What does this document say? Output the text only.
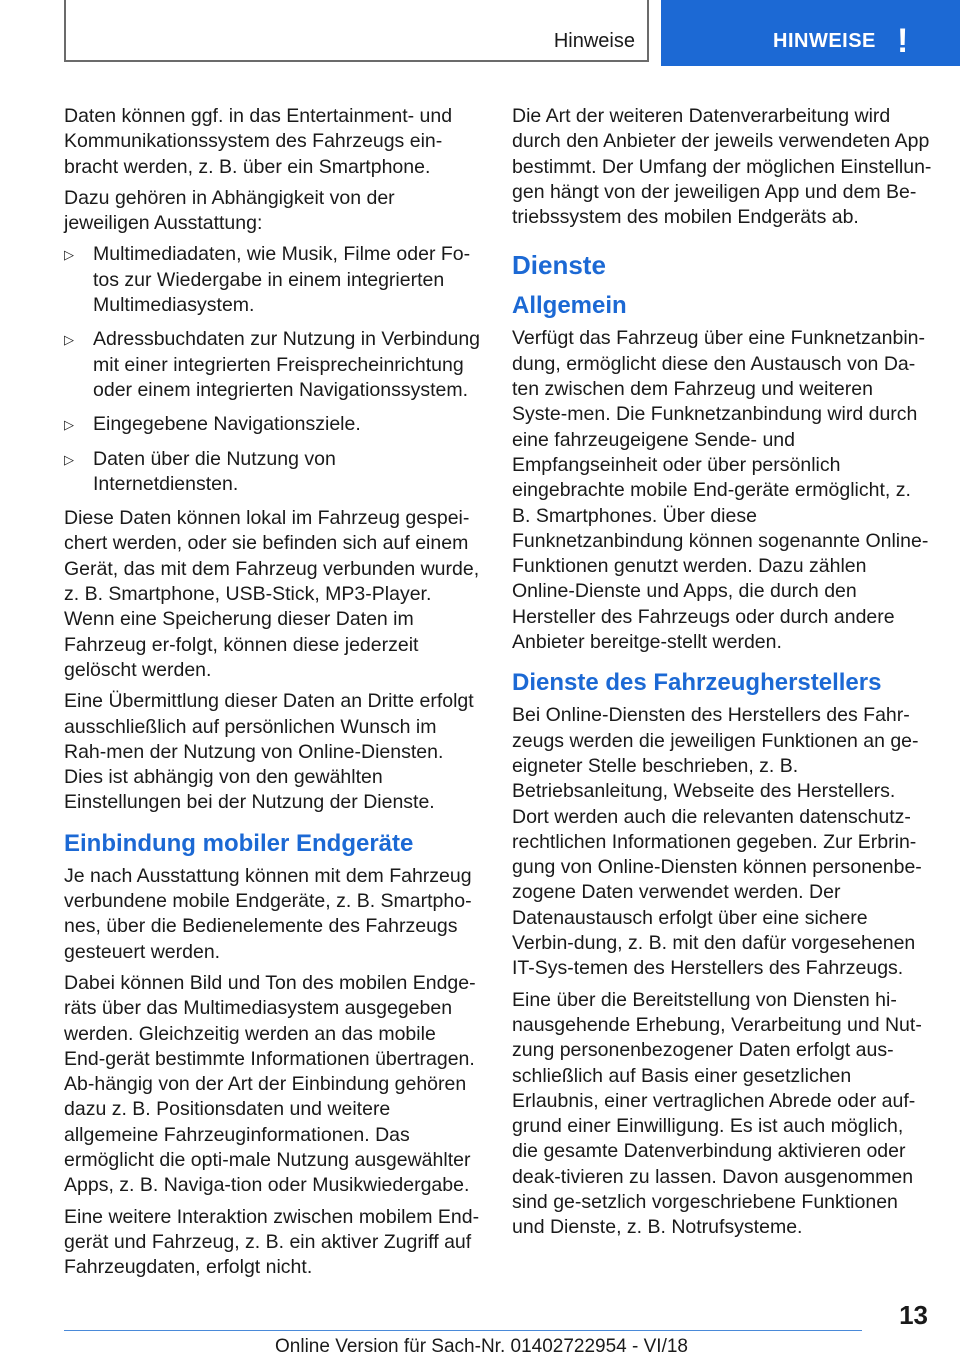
Hinweise	HINWEISE !

Daten können ggf. in das Entertainment- und Kommunikationssystem des Fahrzeugs ein-bracht werden, z. B. über ein Smartphone.

Dazu gehören in Abhängigkeit von der jeweiligen Ausstattung:

▷ Multimediadaten, wie Musik, Filme oder Fo-tos zur Wiedergabe in einem integrierten Multimediasystem.
▷ Adressbuchdaten zur Nutzung in Verbindung mit einer integrierten Freisprecheinrichtung oder einem integrierten Navigationssystem.
▷ Eingegebene Navigationsziele.
▷ Daten über die Nutzung von Internetdiensten.

Diese Daten können lokal im Fahrzeug gespei-chert werden, oder sie befinden sich auf einem Gerät, das mit dem Fahrzeug verbunden wurde, z. B. Smartphone, USB-Stick, MP3-Player. Wenn eine Speicherung dieser Daten im Fahrzeug er-folgt, können diese jederzeit gelöscht werden.

Eine Übermittlung dieser Daten an Dritte erfolgt ausschließlich auf persönlichen Wunsch im Rah-men der Nutzung von Online-Diensten. Dies ist abhängig von den gewählten Einstellungen bei der Nutzung der Dienste.

Einbindung mobiler Endgeräte

Je nach Ausstattung können mit dem Fahrzeug verbundene mobile Endgeräte, z. B. Smartpho-nes, über die Bedienelemente des Fahrzeugs gesteuert werden.

Dabei können Bild und Ton des mobilen Endge-räts über das Multimediasystem ausgegeben werden. Gleichzeitig werden an das mobile End-gerät bestimmte Informationen übertragen. Ab-hängig von der Art der Einbindung gehören dazu z. B. Positionsdaten und weitere allgemeine Fahrzeuginformationen. Das ermöglicht die opti-male Nutzung ausgewählter Apps, z. B. Naviga-tion oder Musikwiedergabe.

Eine weitere Interaktion zwischen mobilem End-gerät und Fahrzeug, z. B. ein aktiver Zugriff auf Fahrzeugdaten, erfolgt nicht.

Die Art der weiteren Datenverarbeitung wird durch den Anbieter der jeweils verwendeten App bestimmt. Der Umfang der möglichen Einstellun-gen hängt von der jeweiligen App und dem Be-triebssystem des mobilen Endgeräts ab.

Dienste
Allgemein

Verfügt das Fahrzeug über eine Funknetzanbin-dung, ermöglicht diese den Austausch von Da-ten zwischen dem Fahrzeug und weiteren Syste-men. Die Funknetzanbindung wird durch eine fahrzeugeigene Sende- und Empfangseinheit oder über persönlich eingebrachte mobile End-geräte ermöglicht, z. B. Smartphones. Über diese Funknetzanbindung können sogenannte Online-Funktionen genutzt werden. Dazu zählen Online-Dienste und Apps, die durch den Hersteller des Fahrzeugs oder durch andere Anbieter bereitge-stellt werden.

Dienste des Fahrzeugherstellers

Bei Online-Diensten des Herstellers des Fahr-zeugs werden die jeweiligen Funktionen an ge-eigneter Stelle beschrieben, z. B. Betriebsanleitung, Webseite des Herstellers. Dort werden auch die relevanten datenschutz-rechtlichen Informationen gegeben. Zur Erbrin-gung von Online-Diensten können personenbe-zogene Daten verwendet werden. Der Datenaustausch erfolgt über eine sichere Verbin-dung, z. B. mit den dafür vorgesehenen IT-Sys-temen des Herstellers des Fahrzeugs.

Eine über die Bereitstellung von Diensten hi-nausgehende Erhebung, Verarbeitung und Nut-zung personenbezogener Daten erfolgt aus-schließlich auf Basis einer gesetzlichen Erlaubnis, einer vertraglichen Abrede oder auf-grund einer Einwilligung. Es ist auch möglich, die gesamte Datenverbindung aktivieren oder deak-tivieren zu lassen. Davon ausgenommen sind ge-setzlich vorgeschriebene Funktionen und Dienste, z. B. Notrufsysteme.

13
Online Version für Sach-Nr. 01402722954 - VI/18
